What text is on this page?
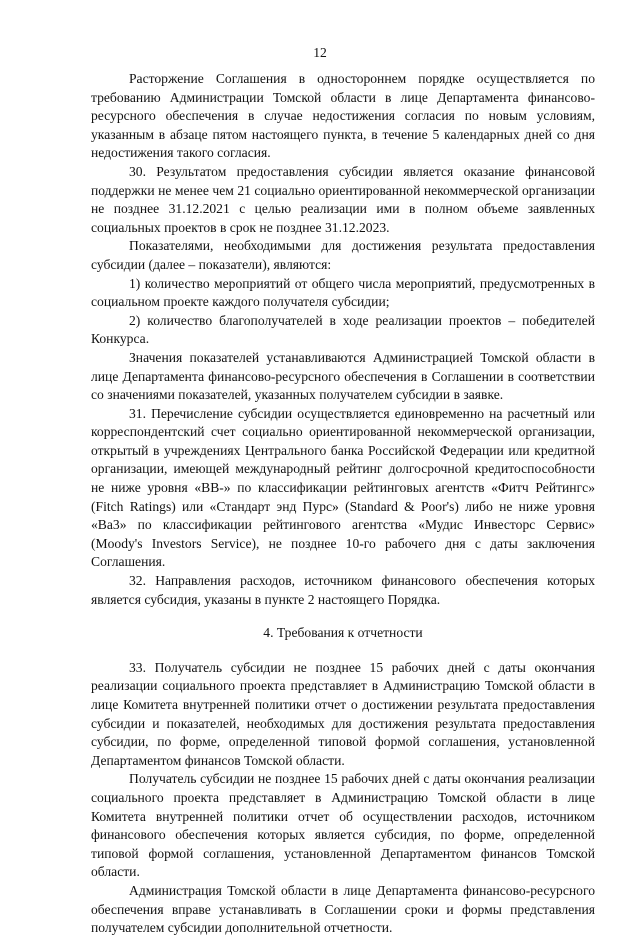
12

Расторжение Соглашения в одностороннем порядке осуществляется по требованию Администрации Томской области в лице Департамента финансово-ресурсного обеспечения в случае недостижения согласия по новым условиям, указанным в абзаце пятом настоящего пункта, в течение 5 календарных дней со дня недостижения такого согласия.

30. Результатом предоставления субсидии является оказание финансовой поддержки не менее чем 21 социально ориентированной некоммерческой организации не позднее 31.12.2021 с целью реализации ими в полном объеме заявленных социальных проектов в срок не позднее 31.12.2023.

Показателями, необходимыми для достижения результата предоставления субсидии (далее – показатели), являются:

1) количество мероприятий от общего числа мероприятий, предусмотренных в социальном проекте каждого получателя субсидии;

2) количество благополучателей в ходе реализации проектов – победителей Конкурса.

Значения показателей устанавливаются Администрацией Томской области в лице Департамента финансово-ресурсного обеспечения в Соглашении в соответствии со значениями показателей, указанных получателем субсидии в заявке.

31. Перечисление субсидии осуществляется единовременно на расчетный или корреспондентский счет социально ориентированной некоммерческой организации, открытый в учреждениях Центрального банка Российской Федерации или кредитной организации, имеющей международный рейтинг долгосрочной кредитоспособности не ниже уровня «ВВ-» по классификации рейтинговых агентств «Фитч Рейтингс» (Fitch Ratings) или «Стандарт энд Пурс» (Standard & Poor's) либо не ниже уровня «Ва3» по классификации рейтингового агентства «Мудис Инвесторс Сервис» (Moody's Investors Service), не позднее 10-го рабочего дня с даты заключения Соглашения.

32. Направления расходов, источником финансового обеспечения которых является субсидия, указаны в пункте 2 настоящего Порядка.

4. Требования к отчетности

33. Получатель субсидии не позднее 15 рабочих дней с даты окончания реализации социального проекта представляет в Администрацию Томской области в лице Комитета внутренней политики отчет о достижении результата предоставления субсидии и показателей, необходимых для достижения результата предоставления субсидии, по форме, определенной типовой формой соглашения, установленной Департаментом финансов Томской области.

Получатель субсидии не позднее 15 рабочих дней с даты окончания реализации социального проекта представляет в Администрацию Томской области в лице Комитета внутренней политики отчет об осуществлении расходов, источником финансового обеспечения которых является субсидия, по форме, определенной типовой формой соглашения, установленной Департаментом финансов Томской области.

Администрация Томской области в лице Департамента финансово-ресурсного обеспечения вправе устанавливать в Соглашении сроки и формы представления получателем субсидии дополнительной отчетности.
